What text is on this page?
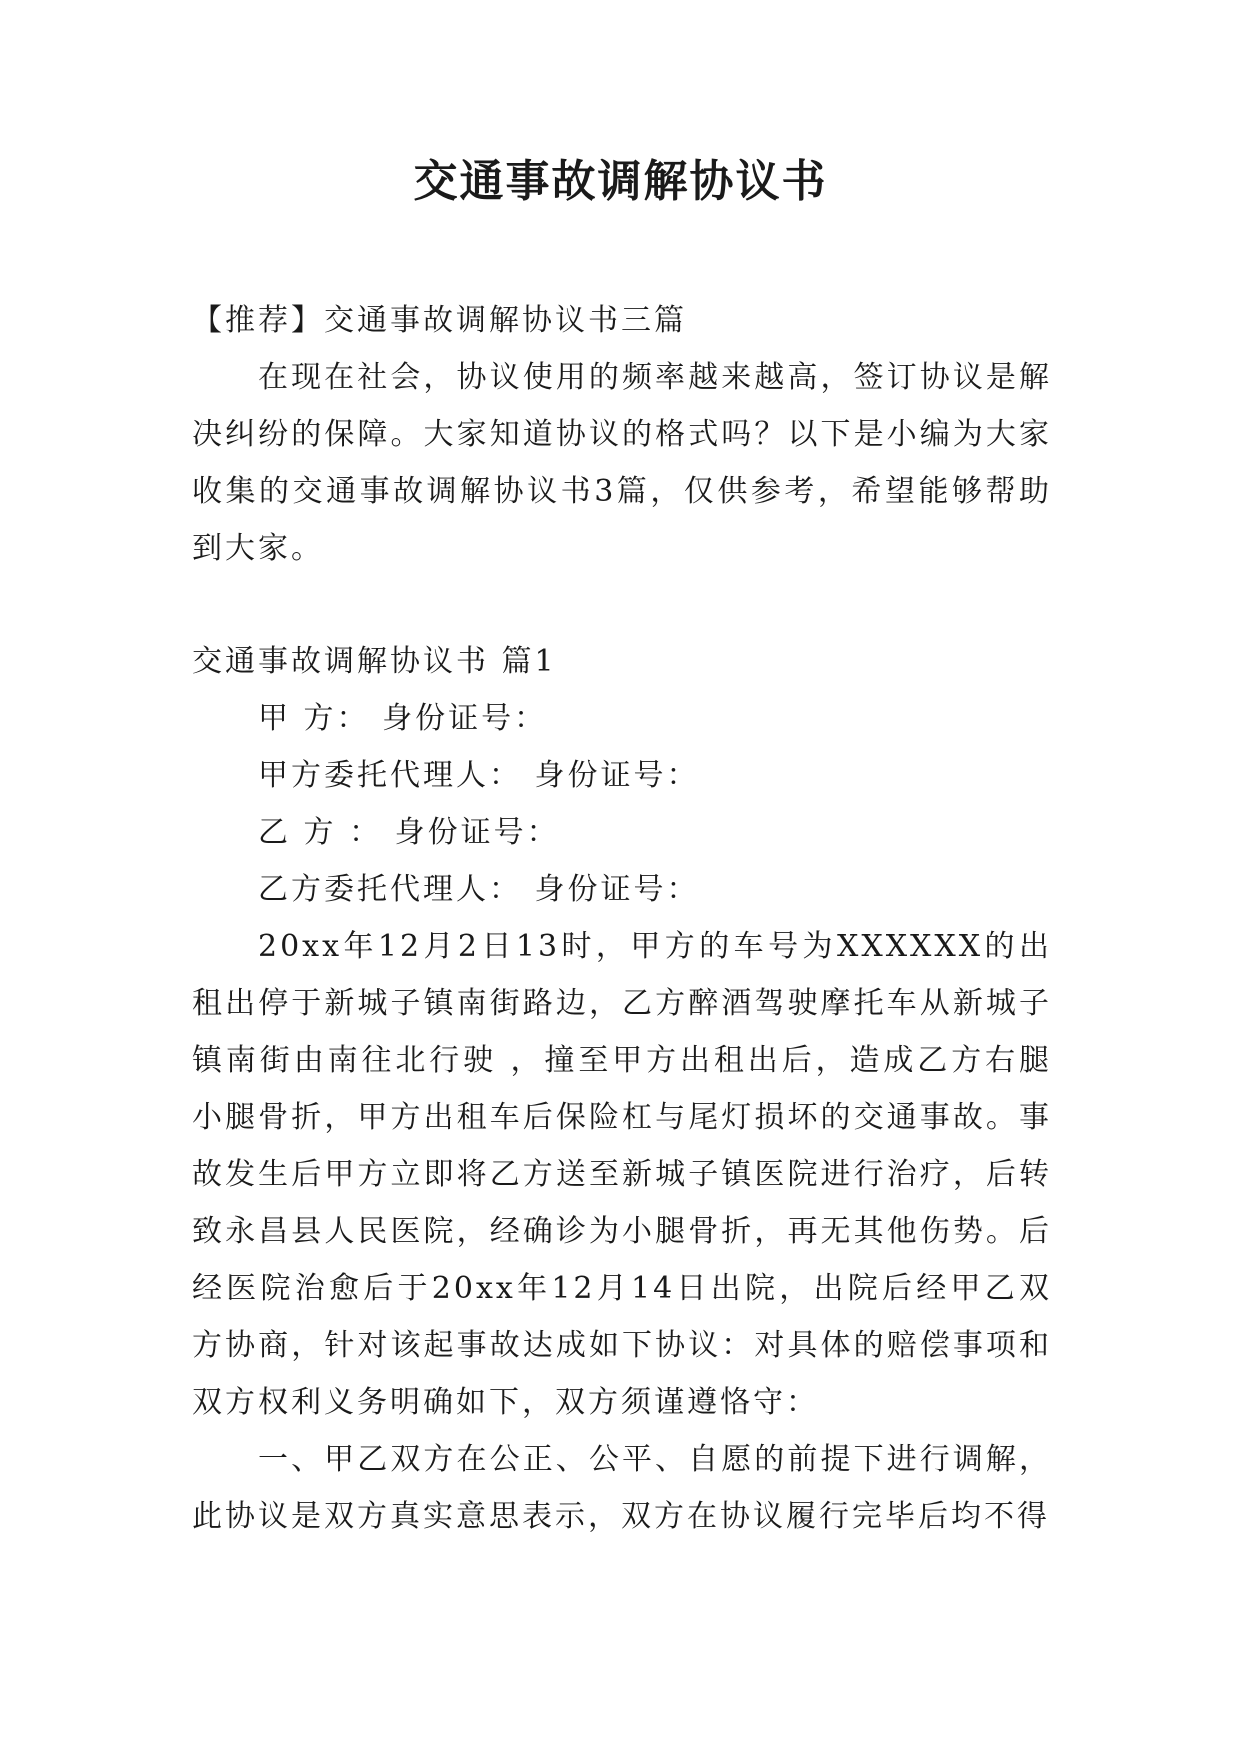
交通事故调解协议书

【推荐】交通事故调解协议书三篇

在现在社会，协议使用的频率越来越高，签订协议是解决纠纷的保障。大家知道协议的格式吗？以下是小编为大家收集的交通事故调解协议书3篇，仅供参考，希望能够帮助到大家。

交通事故调解协议书 篇1

甲 方： 身份证号：

甲方委托代理人： 身份证号：

乙 方 ： 身份证号：

乙方委托代理人： 身份证号：

20xx年12月2日13时，甲方的车号为XXXXXX的出租出停于新城子镇南街路边，乙方醉酒驾驶摩托车从新城子镇南街由南往北行驶 ，撞至甲方出租出后，造成乙方右腿小腿骨折，甲方出租车后保险杠与尾灯损坏的交通事故。事故发生后甲方立即将乙方送至新城子镇医院进行治疗，后转致永昌县人民医院，经确诊为小腿骨折，再无其他伤势。后经医院治愈后于20xx年12月14日出院，出院后经甲乙双方协商，针对该起事故达成如下协议：对具体的赔偿事项和双方权利义务明确如下，双方须谨遵恪守：

一、甲乙双方在公正、公平、自愿的前提下进行调解，此协议是双方真实意思表示，双方在协议履行完毕后均不得
